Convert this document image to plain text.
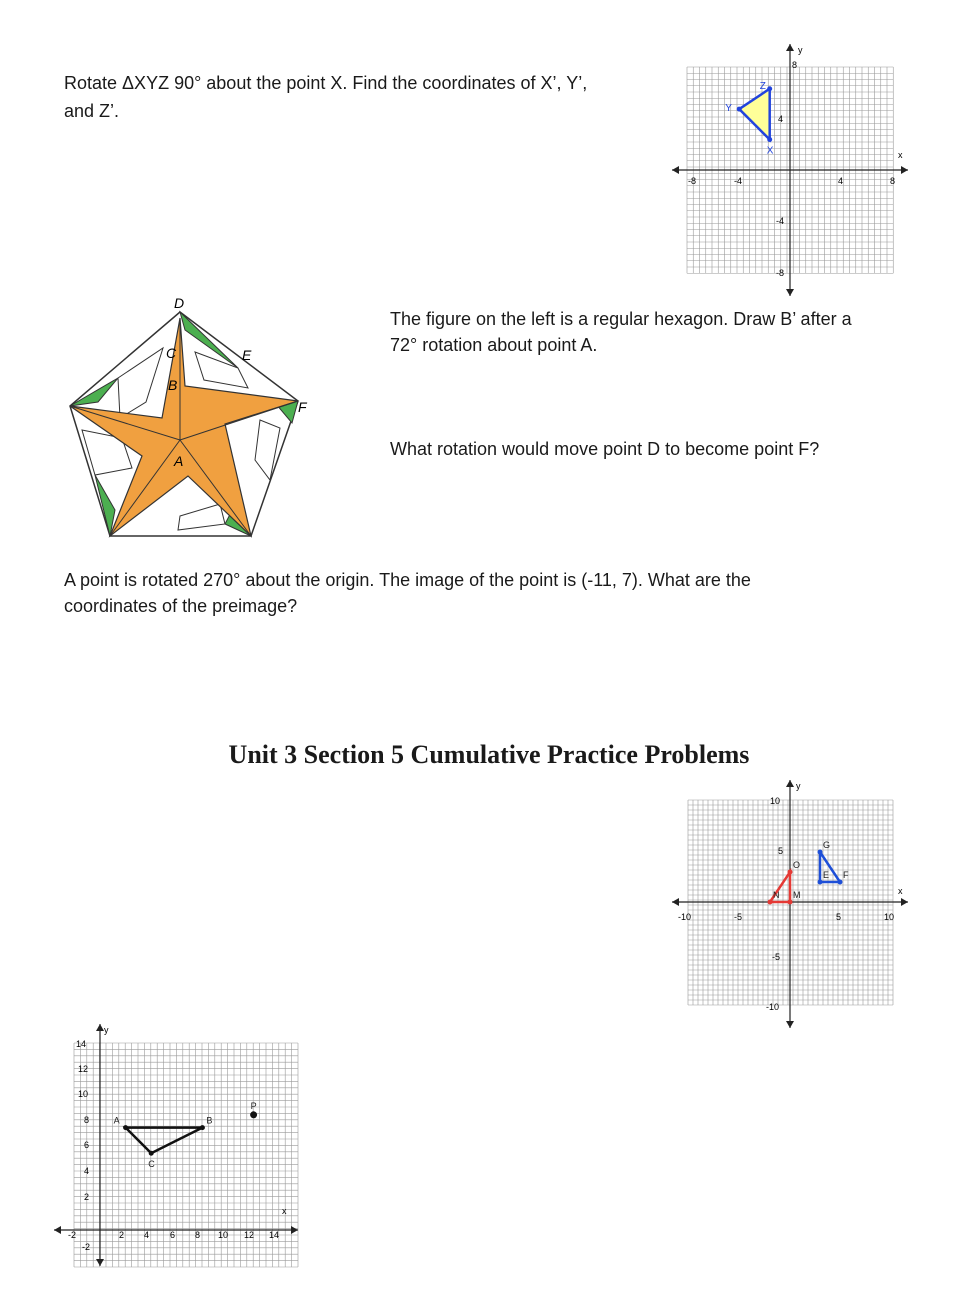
Rotate ΔXYZ 90° about the point X. Find the coordinates of X’, Y’,

and Z’.

X
Y
Z
-8	-4	4	8
8
4
-4
-8
x
y
D
C
B
A
E
F

The figure on the left is a regular hexagon. Draw B’ after a

72° rotation about point A.

What rotation would move point D to become point F?

A point is rotated 270° about the origin. The image of the point is (-11, 7). What are the

coordinates of the preimage?

Unit 3 Section 5 Cumulative Practice Problems
N M
O
G
E F
-10	-5	5	10
10
5
-5
-10
x
y
A	B
C
P
-2	2 4 6 8 10 12 14
14
12
10
8
6
4
2
-2
x
y
